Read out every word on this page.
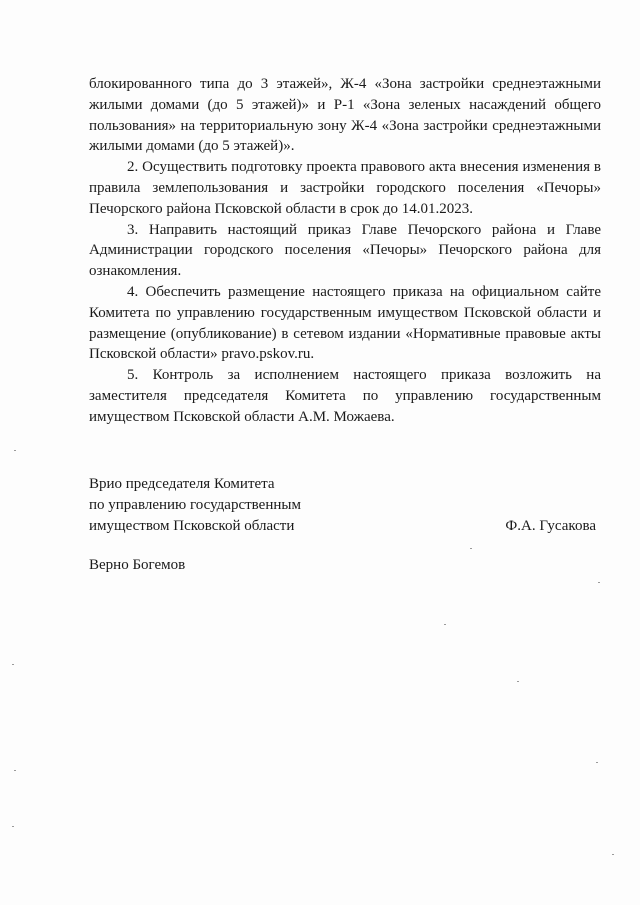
блокированного типа до 3 этажей», Ж-4 «Зона застройки среднеэтажными жилыми домами (до 5 этажей)» и Р-1 «Зона зеленых насаждений общего пользования» на территориальную зону Ж-4 «Зона застройки среднеэтажными жилыми домами (до 5 этажей)».

2. Осуществить подготовку проекта правового акта внесения изменения в правила землепользования и застройки городского поселения «Печоры» Печорского района Псковской области в срок до 14.01.2023.

3. Направить настоящий приказ Главе Печорского района и Главе Администрации городского поселения «Печоры» Печорского района для ознакомления.

4. Обеспечить размещение настоящего приказа на официальном сайте Комитета по управлению государственным имуществом Псковской области и размещение (опубликование) в сетевом издании «Нормативные правовые акты Псковской области» pravo.pskov.ru.

5. Контроль за исполнением настоящего приказа возложить на заместителя председателя Комитета по управлению государственным имуществом Псковской области А.М. Можаева.

Врио председателя Комитета
по управлению государственным
имуществом Псковской области	Ф.А. Гусакова
Верно Богемов
